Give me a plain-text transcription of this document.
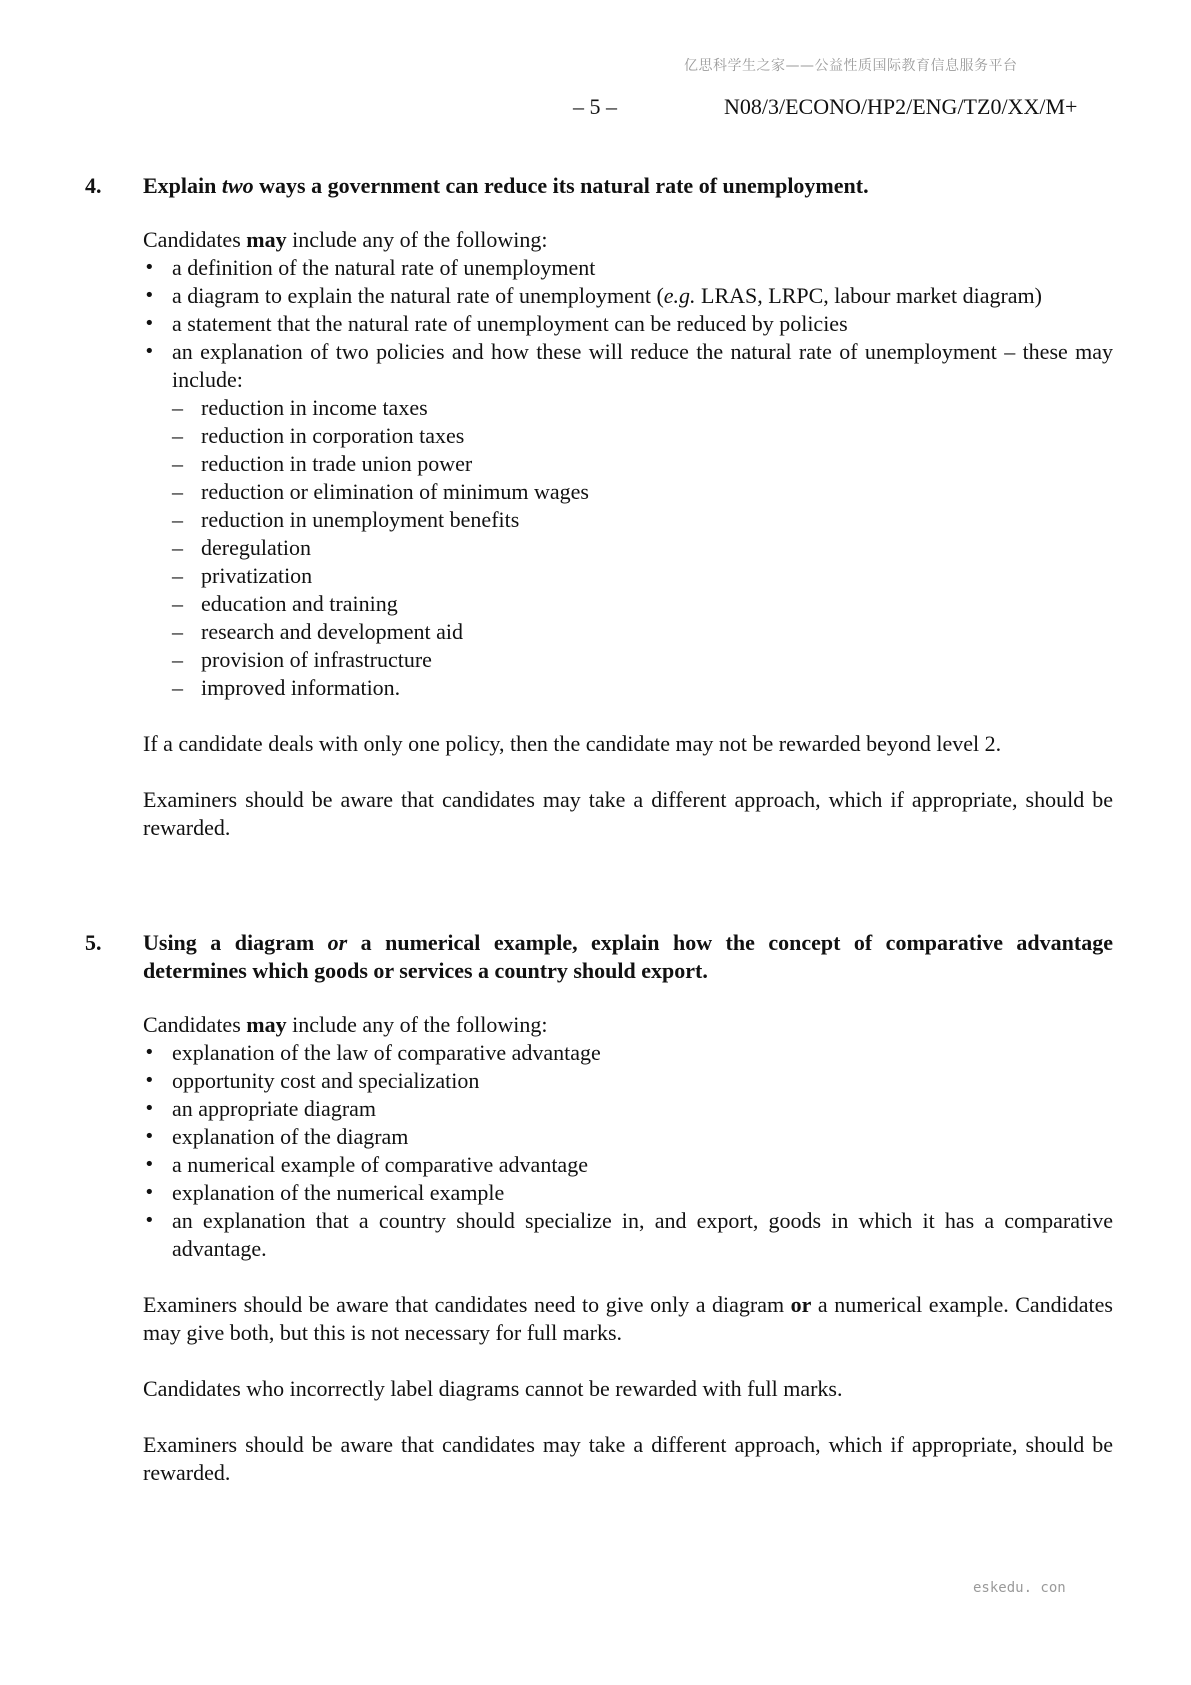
亿思科学生之家——公益性质国际教育信息服务平台
– 5 –	N08/3/ECONO/HP2/ENG/TZ0/XX/M+
4.	Explain two ways a government can reduce its natural rate of unemployment.
Candidates may include any of the following:
• a definition of the natural rate of unemployment
• a diagram to explain the natural rate of unemployment (e.g. LRAS, LRPC, labour market diagram)
• a statement that the natural rate of unemployment can be reduced by policies
• an explanation of two policies and how these will reduce the natural rate of unemployment – these may include:
– reduction in income taxes
– reduction in corporation taxes
– reduction in trade union power
– reduction or elimination of minimum wages
– reduction in unemployment benefits
– deregulation
– privatization
– education and training
– research and development aid
– provision of infrastructure
– improved information.
If a candidate deals with only one policy, then the candidate may not be rewarded beyond level 2.
Examiners should be aware that candidates may take a different approach, which if appropriate, should be rewarded.
5.	Using a diagram or a numerical example, explain how the concept of comparative advantage determines which goods or services a country should export.
Candidates may include any of the following:
• explanation of the law of comparative advantage
• opportunity cost and specialization
• an appropriate diagram
• explanation of the diagram
• a numerical example of comparative advantage
• explanation of the numerical example
• an explanation that a country should specialize in, and export, goods in which it has a comparative advantage.
Examiners should be aware that candidates need to give only a diagram or a numerical example. Candidates may give both, but this is not necessary for full marks.
Candidates who incorrectly label diagrams cannot be rewarded with full marks.
Examiners should be aware that candidates may take a different approach, which if appropriate, should be rewarded.
eskedu. con
